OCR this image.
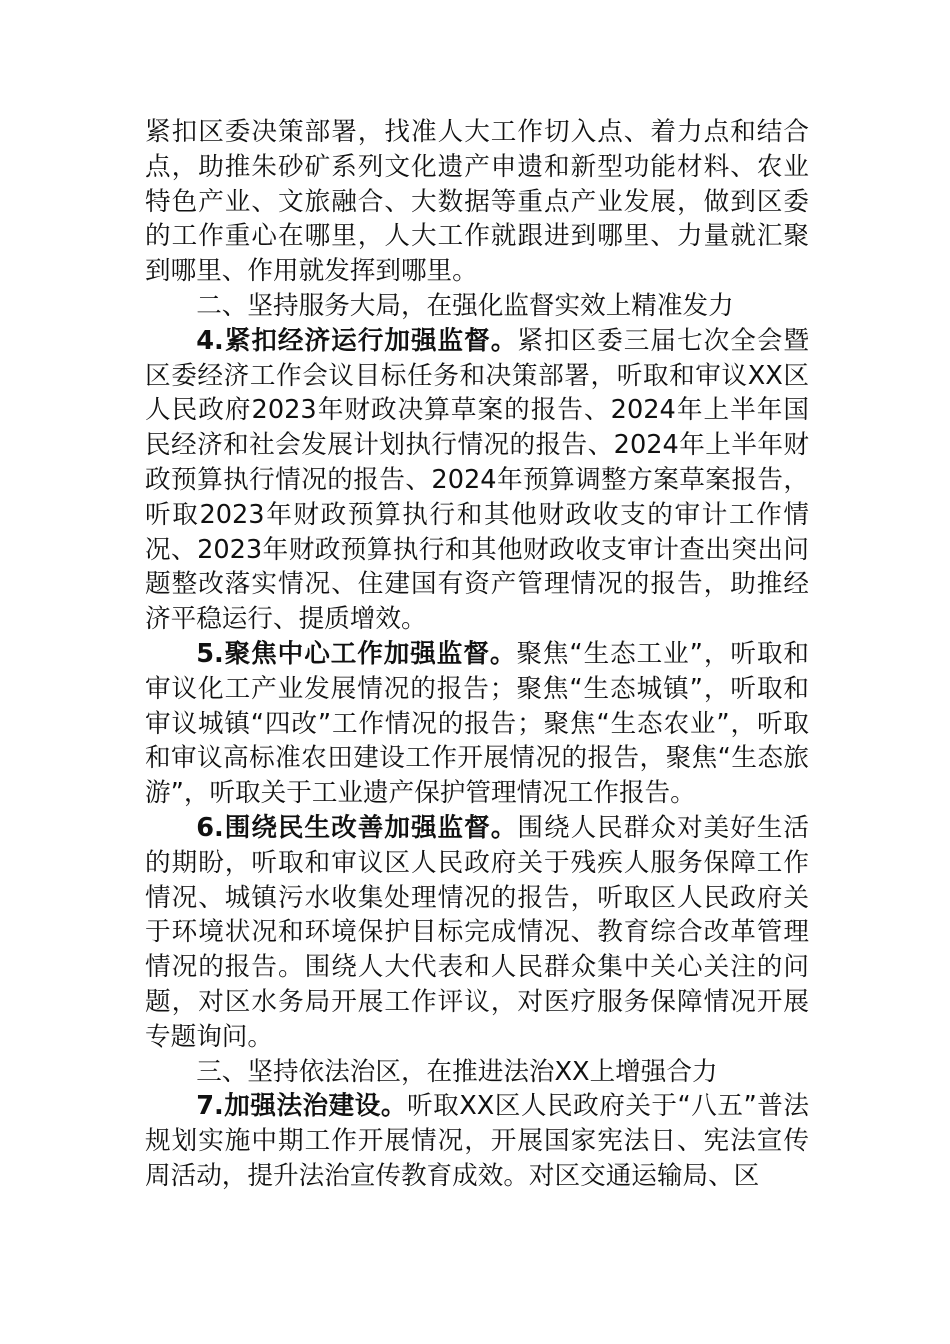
紧扣区委决策部署，找准人大工作切入点、着力点和结合点，助推朱砂矿系列文化遗产申遗和新型功能材料、农业特色产业、文旅融合、大数据等重点产业发展，做到区委的工作重心在哪里，人大工作就跟进到哪里、力量就汇聚到哪里、作用就发挥到哪里。

二、坚持服务大局，在强化监督实效上精准发力

4.紧扣经济运行加强监督。紧扣区委三届七次全会暨区委经济工作会议目标任务和决策部署，听取和审议XX区人民政府2023年财政决算草案的报告、2024年上半年国民经济和社会发展计划执行情况的报告、2024年上半年财政预算执行情况的报告、2024年预算调整方案草案报告，听取2023年财政预算执行和其他财政收支的审计工作情况、2023年财政预算执行和其他财政收支审计查出突出问题整改落实情况、住建国有资产管理情况的报告，助推经济平稳运行、提质增效。

5.聚焦中心工作加强监督。聚焦“生态工业”，听取和审议化工产业发展情况的报告；聚焦“生态城镇”，听取和审议城镇“四改”工作情况的报告；聚焦“生态农业”，听取和审议高标准农田建设工作开展情况的报告，聚焦“生态旅游”，听取关于工业遗产保护管理情况工作报告。

6.围绕民生改善加强监督。围绕人民群众对美好生活的期盼，听取和审议区人民政府关于残疾人服务保障工作情况、城镇污水收集处理情况的报告，听取区人民政府关于环境状况和环境保护目标完成情况、教育综合改革管理情况的报告。围绕人大代表和人民群众集中关心关注的问题，对区水务局开展工作评议，对医疗服务保障情况开展专题询问。

三、坚持依法治区，在推进法治XX上增强合力

7.加强法治建设。听取XX区人民政府关于“八五”普法规划实施中期工作开展情况，开展国家宪法日、宪法宣传周活动，提升法治宣传教育成效。对区交通运输局、区
